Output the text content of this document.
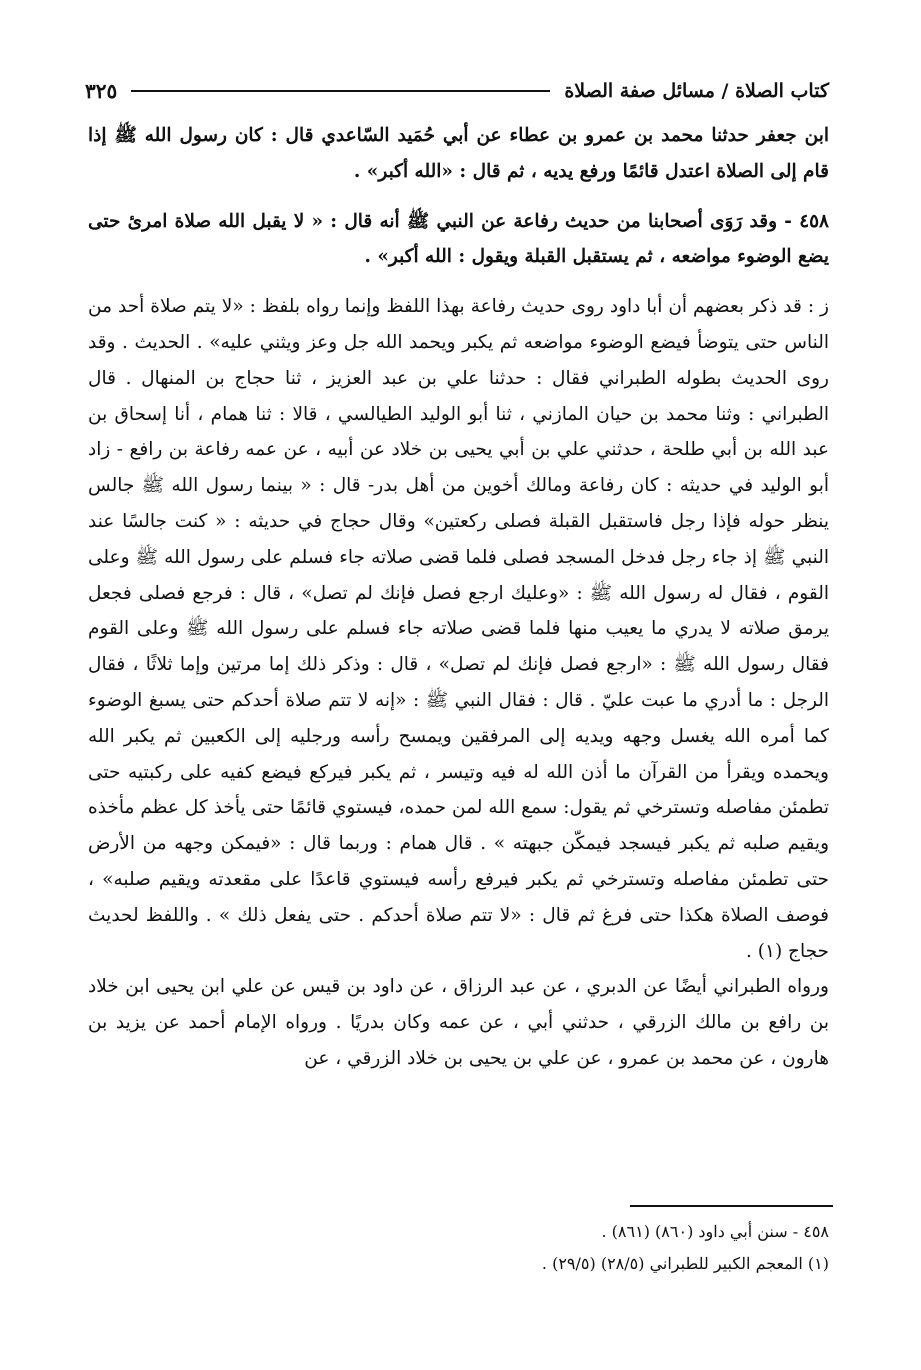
كتاب الصلاة / مسائل صفة الصلاة
٣٢٥

ابن جعفر حدثنا محمد بن عمرو بن عطاء عن أبي حُمَيد السّاعدي قال : كان رسول الله ﷺ إذا قام إلى الصلاة اعتدل قائمًا ورفع يديه ، ثم قال : «الله أكبر» .

٤٥٨ - وقد رَوَى أصحابنا من حديث رفاعة عن النبي ﷺ أنه قال : « لا يقبل الله صلاة امرئ حتى يضع الوضوء مواضعه ، ثم يستقبل القبلة ويقول : الله أكبر» .

ز : قد ذكر بعضهم أن أبا داود روى حديث رفاعة بهذا اللفظ وإنما رواه بلفظ : «لا يتم صلاة أحد من الناس حتى يتوضأ فيضع الوضوء مواضعه ثم يكبر ويحمد الله جل وعز ويثني عليه» . الحديث . وقد روى الحديث بطوله الطبراني فقال : حدثنا علي بن عبد العزيز ، ثنا حجاج بن المنهال . قال الطبراني : وثنا محمد بن حيان المازني ، ثنا أبو الوليد الطيالسي ، قالا : ثنا همام ، أنا إسحاق بن عبد الله بن أبي طلحة ، حدثني علي بن أبي يحيى بن خلاد عن أبيه ، عن عمه رفاعة بن رافع - زاد أبو الوليد في حديثه : كان رفاعة ومالك أخوين من أهل بدر- قال : « بينما رسول الله ﷺ جالس ينظر حوله فإذا رجل فاستقبل القبلة فصلى ركعتين» وقال حجاج في حديثه : « كنت جالسًا عند النبي ﷺ إذ جاء رجل فدخل المسجد فصلى فلما قضى صلاته جاء فسلم على رسول الله ﷺ وعلى القوم ، فقال له رسول الله ﷺ : «وعليك ارجع فصل فإنك لم تصل» ، قال : فرجع فصلى فجعل يرمق صلاته لا يدري ما يعيب منها فلما قضى صلاته جاء فسلم على رسول الله ﷺ وعلى القوم فقال رسول الله ﷺ : «ارجع فصل فإنك لم تصل» ، قال : وذكر ذلك إما مرتين وإما ثلاثًا ، فقال الرجل : ما أدري ما عبت عليّ . قال : فقال النبي ﷺ : «إنه لا تتم صلاة أحدكم حتى يسبغ الوضوء كما أمره الله يغسل وجهه ويديه إلى المرفقين ويمسح رأسه ورجليه إلى الكعبين ثم يكبر الله ويحمده ويقرأ من القرآن ما أذن الله له فيه وتيسر ، ثم يكبر فيركع فيضع كفيه على ركبتيه حتى تطمئن مفاصله وتسترخي ثم يقول: سمع الله لمن حمده، فيستوي قائمًا حتى يأخذ كل عظم مأخذه ويقيم صلبه ثم يكبر فيسجد فيمكّن جبهته » . قال همام : وربما قال : «فيمكن وجهه من الأرض حتى تطمئن مفاصله وتسترخي ثم يكبر فيرفع رأسه فيستوي قاعدًا على مقعدته ويقيم صلبه» ، فوصف الصلاة هكذا حتى فرغ ثم قال : «لا تتم صلاة أحدكم . حتى يفعل ذلك » . واللفظ لحديث حجاج (١) .

ورواه الطبراني أيضًا عن الدبري ، عن عبد الرزاق ، عن داود بن قيس عن علي ابن يحيى ابن خلاد بن رافع بن مالك الزرقي ، حدثني أبي ، عن عمه وكان بدريًا . ورواه الإمام أحمد عن يزيد بن هارون ، عن محمد بن عمرو ، عن علي بن يحيى بن خلاد الزرقي ، عن

٤٥٨ - سنن أبي داود (٨٦٠) (٨٦١) .

(١) المعجم الكبير للطبراني (٢٨/٥) (٢٩/٥) .
